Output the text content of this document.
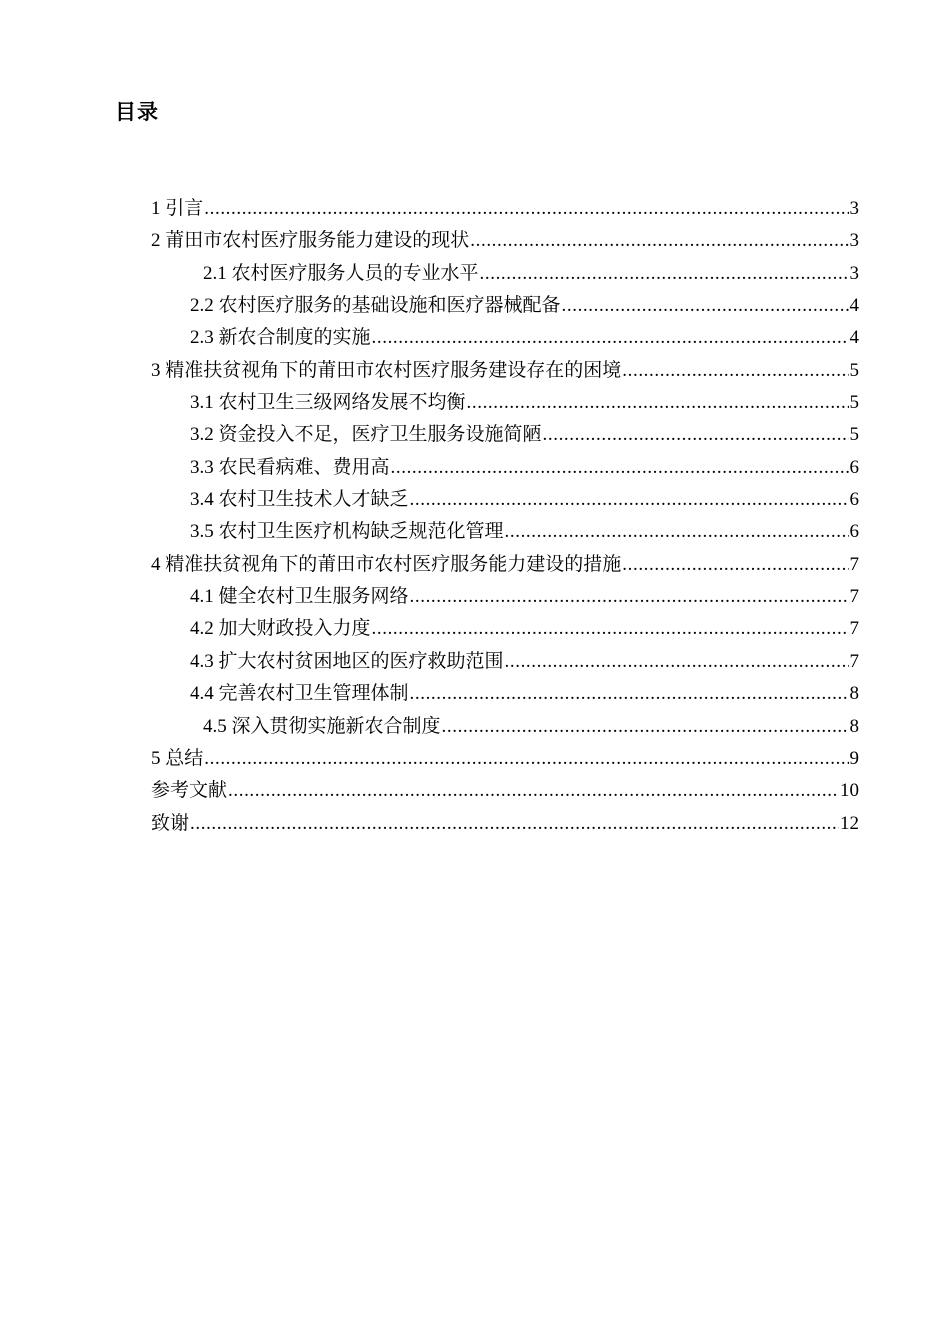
目录
1 引言 .....	3
2 莆田市农村医疗服务能力建设的现状 .....	3
2.1 农村医疗服务人员的专业水平 .....	3
2.2 农村医疗服务的基础设施和医疗器械配备 .....	4
2.3 新农合制度的实施 .....	4
3 精准扶贫视角下的莆田市农村医疗服务建设存在的困境 .....	5
3.1 农村卫生三级网络发展不均衡 .....	5
3.2 资金投入不足，医疗卫生服务设施简陋 .....	5
3.3 农民看病难、费用高 .....	6
3.4 农村卫生技术人才缺乏 .....	6
3.5 农村卫生医疗机构缺乏规范化管理 .....	6
4 精准扶贫视角下的莆田市农村医疗服务能力建设的措施 .....	7
4.1 健全农村卫生服务网络 .....	7
4.2 加大财政投入力度 .....	7
4.3 扩大农村贫困地区的医疗救助范围 .....	7
4.4 完善农村卫生管理体制 .....	8
4.5 深入贯彻实施新农合制度 .....	8
5 总结 .....	9
参考文献 .....	10
致谢 .....	12
